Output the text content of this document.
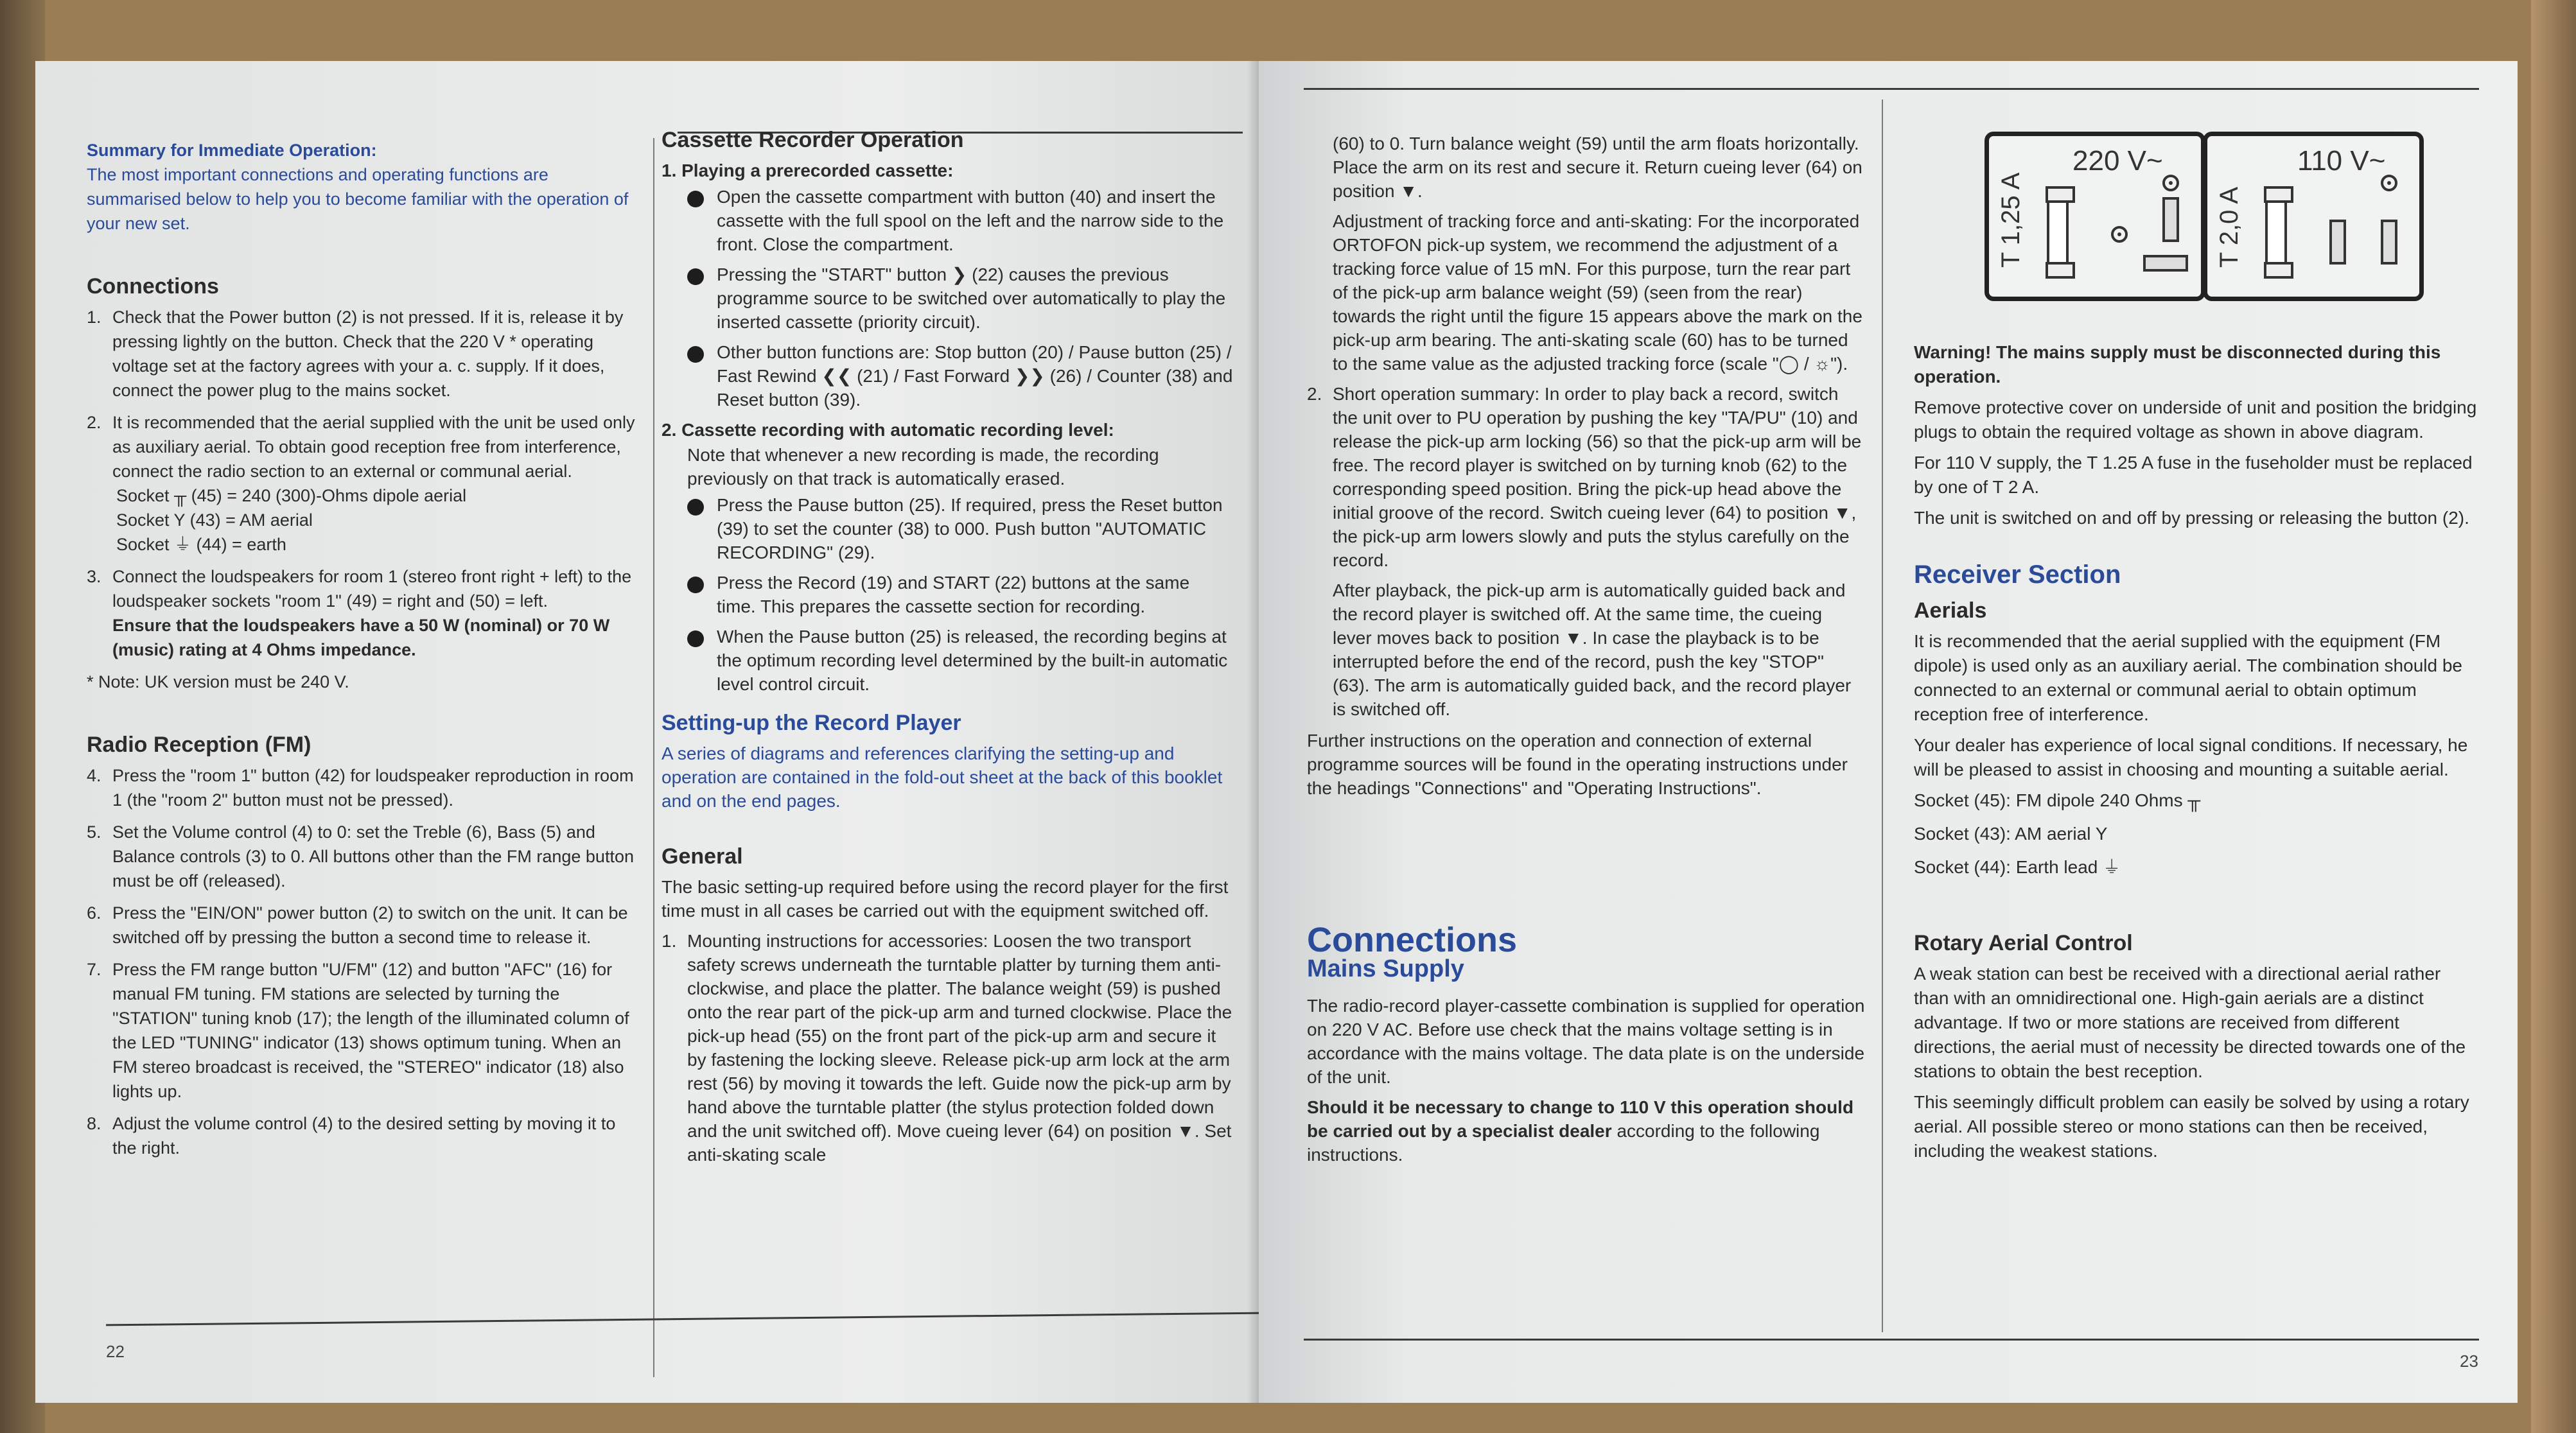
Summary for Immediate Operation:

The most important connections and operating functions are summarised below to help you to become familiar with the operation of your new set.

Connections
1. Check that the Power button (2) is not pressed. If it is, release it by pressing lightly on the button. Check that the 220 V * operating voltage set at the factory agrees with your a. c. supply. If it does, connect the power plug to the mains socket.
2. It is recommended that the aerial supplied with the unit be used only as auxiliary aerial. To obtain good reception free from interference, connect the radio section to an external or communal aerial.
Socket ╥ (45) = 240 (300)-Ohms dipole aerial
Socket Y (43) = AM aerial
Socket ⏚ (44) = earth
3. Connect the loudspeakers for room 1 (stereo front right + left) to the loudspeaker sockets "room 1" (49) = right and (50) = left.
Ensure that the loudspeakers have a 50 W (nominal) or 70 W (music) rating at 4 Ohms impedance.

* Note: UK version must be 240 V.

Radio Reception (FM)
4. Press the "room 1" button (42) for loudspeaker reproduction in room 1 (the "room 2" button must not be pressed).
5. Set the Volume control (4) to 0: set the Treble (6), Bass (5) and Balance controls (3) to 0. All buttons other than the FM range button must be off (released).
6. Press the "EIN/ON" power button (2) to switch on the unit. It can be switched off by pressing the button a second time to release it.
7. Press the FM range button "U/FM" (12) and button "AFC" (16) for manual FM tuning. FM stations are selected by turning the "STATION" tuning knob (17); the length of the illuminated column of the LED "TUNING" indicator (13) shows optimum tuning. When an FM stereo broadcast is received, the "STEREO" indicator (18) also lights up.
8. Adjust the volume control (4) to the desired setting by moving it to the right.
Cassette Recorder Operation

1. Playing a prerecorded cassette:

Open the cassette compartment with button (40) and insert the cassette with the full spool on the left and the narrow side to the front. Close the compartment.
Pressing the "START" button ❯ (22) causes the previous programme source to be switched over automatically to play the inserted cassette (priority circuit).
Other button functions are: Stop button (20) / Pause button (25) / Fast Rewind ❮❮ (21) / Fast Forward ❯❯ (26) / Counter (38) and Reset button (39).

2. Cassette recording with automatic recording level:

Note that whenever a new recording is made, the recording previously on that track is automatically erased.

Press the Pause button (25). If required, press the Reset button (39) to set the counter (38) to 000. Push button "AUTOMATIC RECORDING" (29).
Press the Record (19) and START (22) buttons at the same time. This prepares the cassette section for recording.
When the Pause button (25) is released, the recording begins at the optimum recording level determined by the built-in automatic level control circuit.
Setting-up the Record Player

A series of diagrams and references clarifying the setting-up and operation are contained in the fold-out sheet at the back of this booklet and on the end pages.

General

The basic setting-up required before using the record player for the first time must in all cases be carried out with the equipment switched off.

1. Mounting instructions for accessories: Loosen the two transport safety screws underneath the turntable platter by turning them anti-clockwise, and place the platter. The balance weight (59) is pushed onto the rear part of the pick-up arm and turned clockwise. Place the pick-up head (55) on the front part of the pick-up arm and secure it by fastening the locking sleeve. Release pick-up arm lock at the arm rest (56) by moving it towards the left. Guide now the pick-up arm by hand above the turntable platter (the stylus protection folded down and the unit switched off). Move cueing lever (64) on position ▼. Set anti-skating scale
22

(60) to 0. Turn balance weight (59) until the arm floats horizontally. Place the arm on its rest and secure it. Return cueing lever (64) on position ▼.

Adjustment of tracking force and anti-skating: For the incorporated ORTOFON pick-up system, we recommend the adjustment of a tracking force value of 15 mN. For this purpose, turn the rear part of the pick-up arm balance weight (59) (seen from the rear) towards the right until the figure 15 appears above the mark on the pick-up arm bearing. The anti-skating scale (60) has to be turned to the same value as the adjusted tracking force (scale "◯ / ☼").

2. Short operation summary: In order to play back a record, switch the unit over to PU operation by pushing the key "TA/PU" (10) and release the pick-up arm locking (56) so that the pick-up arm will be free. The record player is switched on by turning knob (62) to the corresponding speed position. Bring the pick-up head above the initial groove of the record. Switch cueing lever (64) to position ▼, the pick-up arm lowers slowly and puts the stylus carefully on the record.
After playback, the pick-up arm is automatically guided back and the record player is switched off. At the same time, the cueing lever moves back to position ▼. In case the playback is to be interrupted before the end of the record, push the key "STOP" (63). The arm is automatically guided back, and the record player is switched off.

Further instructions on the operation and connection of external programme sources will be found in the operating instructions under the headings "Connections" and "Operating Instructions".

Connections
Mains Supply

The radio-record player-cassette combination is supplied for operation on 220 V AC. Before use check that the mains voltage setting is in accordance with the mains voltage. The data plate is on the underside of the unit.

Should it be necessary to change to 110 V this operation should be carried out by a specialist dealer according to the following instructions.

T 1,25 A
220 V~
T 2,0 A
110 V~

Warning! The mains supply must be disconnected during this operation.

Remove protective cover on underside of unit and position the bridging plugs to obtain the required voltage as shown in above diagram.

For 110 V supply, the T 1.25 A fuse in the fuseholder must be replaced by one of T 2 A.

The unit is switched on and off by pressing or releasing the button (2).

Receiver Section
Aerials

It is recommended that the aerial supplied with the equipment (FM dipole) is used only as an auxiliary aerial. The combination should be connected to an external or communal aerial to obtain optimum reception free of interference.

Your dealer has experience of local signal conditions. If necessary, he will be pleased to assist in choosing and mounting a suitable aerial.

Socket (45): FM dipole 240 Ohms ╥

Socket (43): AM aerial Y

Socket (44): Earth lead ⏚

Rotary Aerial Control

A weak station can best be received with a directional aerial rather than with an omnidirectional one. High-gain aerials are a distinct advantage. If two or more stations are received from different directions, the aerial must of necessity be directed towards one of the stations to obtain the best reception.

This seemingly difficult problem can easily be solved by using a rotary aerial. All possible stereo or mono stations can then be received, including the weakest stations.

23
